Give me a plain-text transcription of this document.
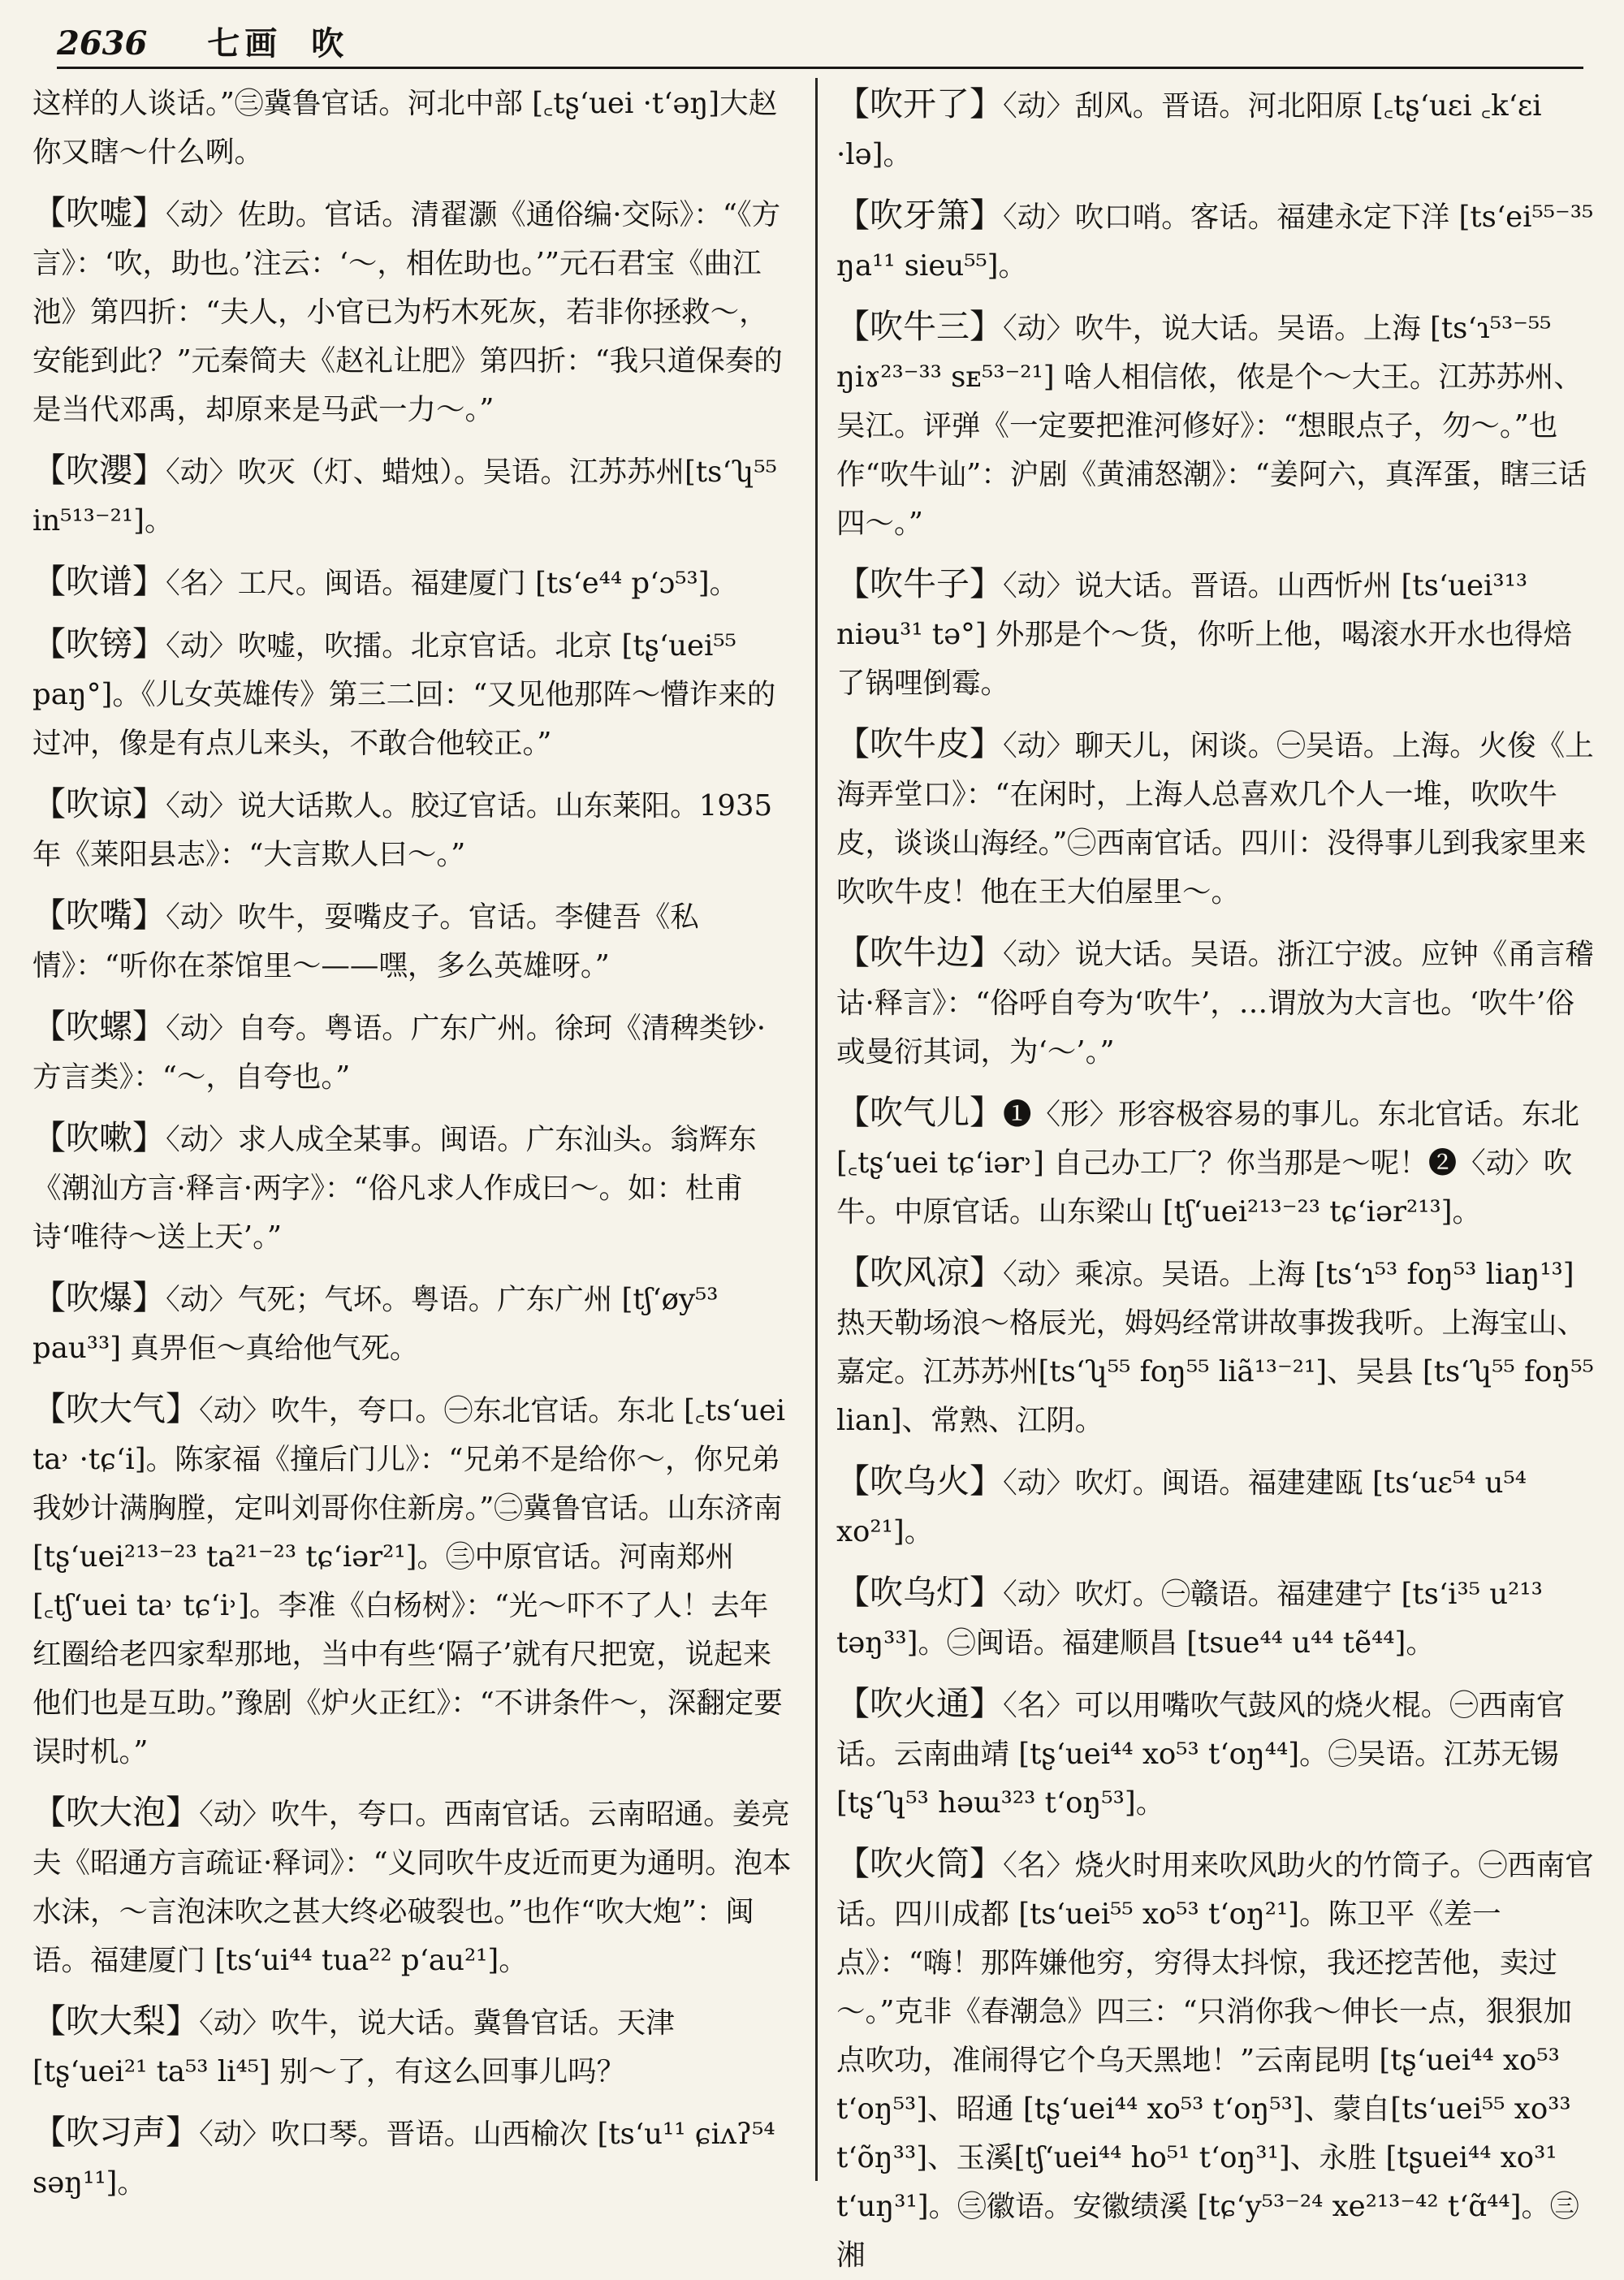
2636 七画 吹
这样的人谈话。”㊂冀鲁官话。河北中部 [꜀tʂ‘uei ·t‘əŋ]大赵你又瞎～什么咧。
【吹嘘】〈动〉佐助。官话。清翟灏《通俗编·交际》：“《方言》：‘吹，助也。’注云：‘～，相佐助也。’”元石君宝《曲江池》第四折：“夫人，小官已为朽木死灰，若非你拯救～，安能到此？”元秦简夫《赵礼让肥》第四折：“我只道保奏的是当代邓禹，却原来是马武一力～。”
【吹瀴】〈动〉吹灭（灯、蜡烛）。吴语。江苏苏州[ts‘ʮ⁵⁵ in⁵¹³⁻²¹]。
【吹谱】〈名〉工尺。闽语。福建厦门 [ts‘e⁴⁴ p‘ɔ⁵³]。
【吹镑】〈动〉吹嘘，吹擂。北京官话。北京 [tʂ‘uei⁵⁵ paŋ°]。《儿女英雄传》第三二回：“又见他那阵～懵诈来的过冲，像是有点儿来头，不敢合他较正。”
【吹谅】〈动〉说大话欺人。胶辽官话。山东莱阳。1935年《莱阳县志》：“大言欺人曰～。”
【吹嘴】〈动〉吹牛，耍嘴皮子。官话。李健吾《私情》：“听你在茶馆里～——嘿，多么英雄呀。”
【吹螺】〈动〉自夸。粤语。广东广州。徐珂《清稗类钞·方言类》：“～，自夸也。”
【吹嗽】〈动〉求人成全某事。闽语。广东汕头。翁辉东《潮汕方言·释言·两字》：“俗凡求人作成曰～。如：杜甫诗‘唯待～送上天’。”
【吹爆】〈动〉气死；气坏。粤语。广东广州 [tʃ‘øy⁵³ pau³³] 真畀佢～真给他气死。
【吹大气】〈动〉吹牛，夸口。㊀东北官话。东北 [꜀ts‘uei ta˒ ·tɕ‘i]。陈家福《撞后门儿》：“兄弟不是给你～，你兄弟我妙计满胸膛，定叫刘哥你住新房。”㊁冀鲁官话。山东济南 [tʂ‘uei²¹³⁻²³ ta²¹⁻²³ tɕ‘iər²¹]。㊂中原官话。河南郑州[꜀tʃ‘uei ta˒ tɕ‘i˒]。李准《白杨树》：“光～吓不了人！去年红圈给老四家犁那地，当中有些‘隔子’就有尺把宽，说起来他们也是互助。”豫剧《炉火正红》：“不讲条件～，深翻定要误时机。”
【吹大泡】〈动〉吹牛，夸口。西南官话。云南昭通。姜亮夫《昭通方言疏证·释词》：“义同吹牛皮近而更为通明。泡本水沫，～言泡沫吹之甚大终必破裂也。”也作“吹大炮”：闽语。福建厦门 [ts‘ui⁴⁴ tua²² p‘au²¹]。
【吹大梨】〈动〉吹牛，说大话。冀鲁官话。天津 [tʂ‘uei²¹ ta⁵³ li⁴⁵] 别～了，有这么回事儿吗？
【吹习声】〈动〉吹口琴。晋语。山西榆次 [ts‘u¹¹ ɕiʌʔ⁵⁴ səŋ¹¹]。
【吹开了】〈动〉刮风。晋语。河北阳原 [꜀tʂ‘uɛi ꜀k‘ɛi ·lə]。
【吹牙箫】〈动〉吹口哨。客话。福建永定下洋 [ts‘ei⁵⁵⁻³⁵ ŋa¹¹ sieu⁵⁵]。
【吹牛三】〈动〉吹牛，说大话。吴语。上海 [ts‘ɿ⁵³⁻⁵⁵ ŋiɤ²³⁻³³ sᴇ⁵³⁻²¹] 啥人相信侬，侬是个～大王。江苏苏州、吴江。评弹《一定要把淮河修好》：“想眼点子，勿～。”也作“吹牛讪”：沪剧《黄浦怒潮》：“姜阿六，真浑蛋，瞎三话四～。”
【吹牛子】〈动〉说大话。晋语。山西忻州 [ts‘uei³¹³ niəu³¹ tə°] 外那是个～货，你听上他，喝滚水开水也得焙了锅哩倒霉。
【吹牛皮】〈动〉聊天儿，闲谈。㊀吴语。上海。火俊《上海弄堂口》：“在闲时，上海人总喜欢几个人一堆，吹吹牛皮，谈谈山海经。”㊁西南官话。四川：没得事儿到我家里来吹吹牛皮！他在王大伯屋里～。
【吹牛边】〈动〉说大话。吴语。浙江宁波。应钟《甬言稽诂·释言》：“俗呼自夸为‘吹牛’，…谓放为大言也。‘吹牛’俗或曼衍其词，为‘～’。”
【吹气儿】❶〈形〉形容极容易的事儿。东北官话。东北 [꜀tʂ‘uei tɕ‘iər˒] 自己办工厂？你当那是～呢！❷〈动〉吹牛。中原官话。山东梁山 [tʃ‘uei²¹³⁻²³ tɕ‘iər²¹³]。
【吹风凉】〈动〉乘凉。吴语。上海 [ts‘ɿ⁵³ foŋ⁵³ liaŋ¹³] 热天勒场浪～格辰光，姆妈经常讲故事拨我听。上海宝山、嘉定。江苏苏州[ts‘ʮ⁵⁵ foŋ⁵⁵ liã¹³⁻²¹]、吴县 [ts‘ʮ⁵⁵ foŋ⁵⁵ lian]、常熟、江阴。
【吹乌火】〈动〉吹灯。闽语。福建建瓯 [ts‘uɛ⁵⁴ u⁵⁴ xo²¹]。
【吹乌灯】〈动〉吹灯。㊀赣语。福建建宁 [ts‘i³⁵ u²¹³ təŋ³³]。㊁闽语。福建顺昌 [tsue⁴⁴ u⁴⁴ tẽ⁴⁴]。
【吹火通】〈名〉可以用嘴吹气鼓风的烧火棍。㊀西南官话。云南曲靖 [tʂ‘uei⁴⁴ xo⁵³ t‘oŋ⁴⁴]。㊁吴语。江苏无锡 [tʂ‘ʮ⁵³ həɯ³²³ t‘oŋ⁵³]。
【吹火筒】〈名〉烧火时用来吹风助火的竹筒子。㊀西南官话。四川成都 [ts‘uei⁵⁵ xo⁵³ t‘oŋ²¹]。陈卫平《差一点》：“嗨！那阵嫌他穷，穷得太抖惊，我还挖苦他，卖过～。”克非《春潮急》四三：“只消你我～伸长一点，狠狠加点吹功，准闹得它个乌天黑地！”云南昆明 [tʂ‘uei⁴⁴ xo⁵³ t‘oŋ⁵³]、昭通 [tʂ‘uei⁴⁴ xo⁵³ t‘oŋ⁵³]、蒙自[ts‘uei⁵⁵ xo³³ t‘õŋ³³]、玉溪[tʃ‘uei⁴⁴ ho⁵¹ t‘oŋ³¹]、永胜 [tʂuei⁴⁴ xo³¹ t‘uŋ³¹]。㊂徽语。安徽绩溪 [tɕ‘y⁵³⁻²⁴ xe²¹³⁻⁴² t‘ɑ̃⁴⁴]。㊂湘
